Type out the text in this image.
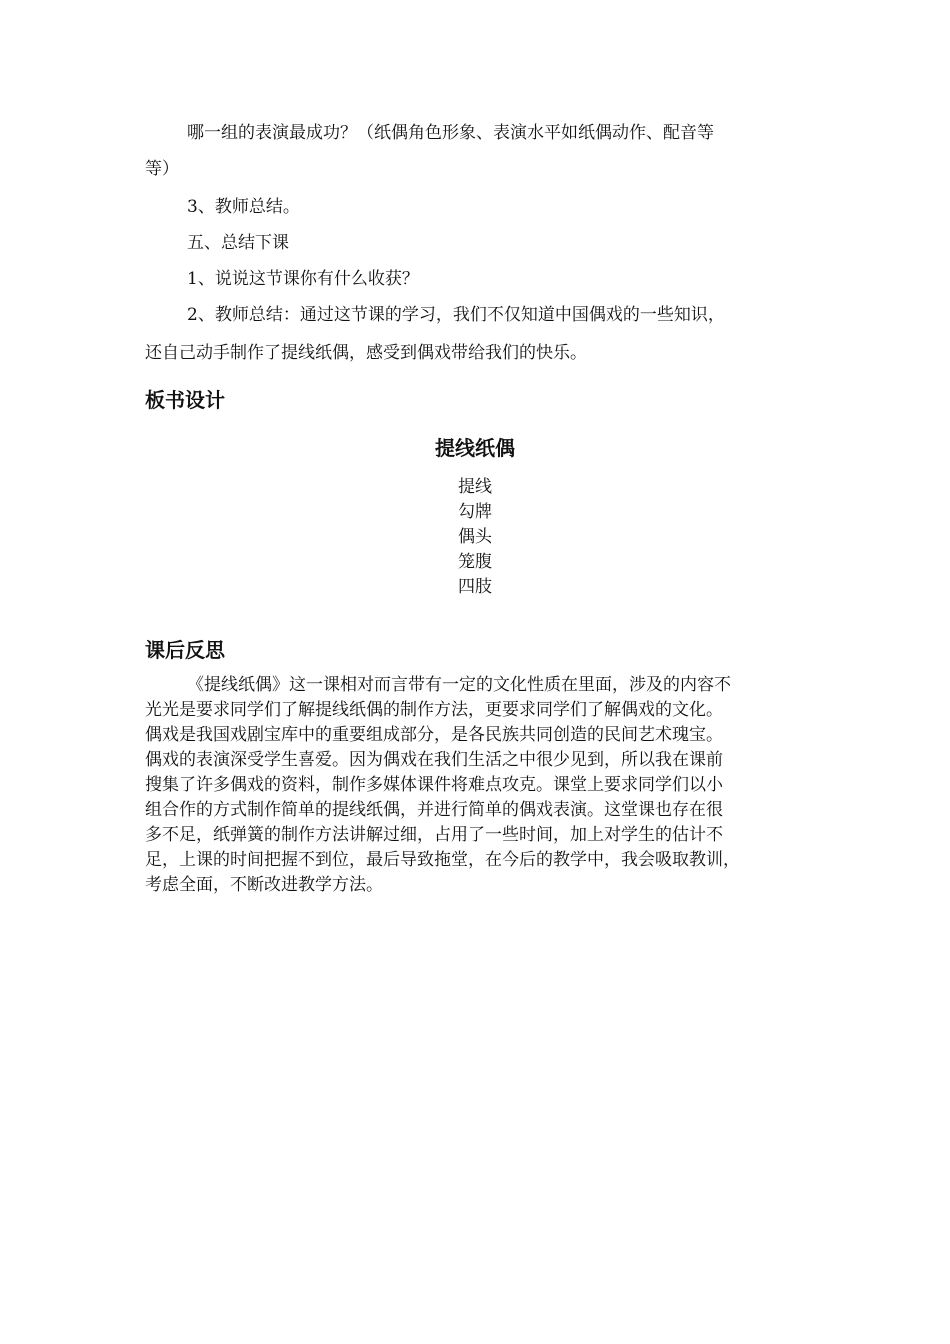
哪一组的表演最成功？（纸偶角色形象、表演水平如纸偶动作、配音等
等）
3、教师总结。
五、总结下课
1、说说这节课你有什么收获？
2、教师总结：通过这节课的学习，我们不仅知道中国偶戏的一些知识，
还自己动手制作了提线纸偶，感受到偶戏带给我们的快乐。
板书设计
提线纸偶
提线
勾牌
偶头
笼腹
四肢
课后反思
《提线纸偶》这一课相对而言带有一定的文化性质在里面，涉及的内容不
光光是要求同学们了解提线纸偶的制作方法，更要求同学们了解偶戏的文化。
偶戏是我国戏剧宝库中的重要组成部分，是各民族共同创造的民间艺术瑰宝。
偶戏的表演深受学生喜爱。因为偶戏在我们生活之中很少见到，所以我在课前
搜集了许多偶戏的资料，制作多媒体课件将难点攻克。课堂上要求同学们以小
组合作的方式制作简单的提线纸偶，并进行简单的偶戏表演。这堂课也存在很
多不足，纸弹簧的制作方法讲解过细，占用了一些时间，加上对学生的估计不
足，上课的时间把握不到位，最后导致拖堂，在今后的教学中，我会吸取教训，
考虑全面，不断改进教学方法。
